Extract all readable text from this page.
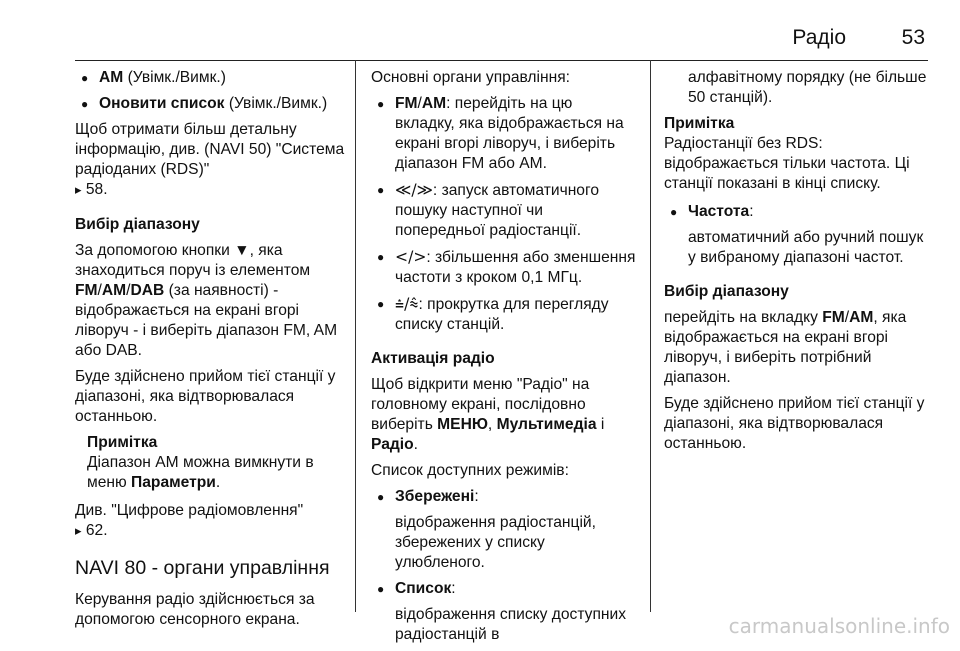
Радіо	53
● AM (Увімк./Вимк.)
● Оновити список (Увімк./Вимк.)

Щоб отримати більш детальну інформацію, див. (NAVI 50) "Система радіоданих (RDS)"
▸ 58.

Вибір діапазону

За допомогою кнопки ▼, яка знаходиться поруч із елементом FM/AM/DAB (за наявності) - відображається на екрані вгорі ліворуч - і виберіть діапазон FM, AM або DAB.

Буде здійснено прийом тієї станції у діапазоні, яка відтворювалася останньою.

Примітка
Діапазон AM можна вимкнути в меню Параметри.

Див. "Цифрове радіомовлення"
▸ 62.

NAVI 80 - органи управління

Керування радіо здійснюється за допомогою сенсорного екрана.

Основні органи управління:

● FM/AM: перейдіть на цю вкладку, яка відображається на екрані вгорі ліворуч, і виберіть діапазон FM або AM.
● ≪/≫: запуск автоматичного пошуку наступної чи попередньої радіостанції.
● </>: збільшення або зменшення частоти з кроком 0,1 МГц.
● ⩮/⩯: прокрутка для перегляду списку станцій.

Активація радіо

Щоб відкрити меню "Радіо" на головному екрані, послідовно виберіть МЕНЮ, Мультимедіа і Радіо.

Список доступних режимів:

● Збережені:

відображення радіостанцій, збережених у списку улюбленого.

● Список:

відображення списку доступних радіостанцій в

алфавітному порядку (не більше 50 станцій).

Примітка
Радіостанції без RDS: відображається тільки частота. Ці станції показані в кінці списку.
● Частота:

автоматичний або ручний пошук у вибраному діапазоні частот.

Вибір діапазону

перейдіть на вкладку FM/AM, яка відображається на екрані вгорі ліворуч, і виберіть потрібний діапазон.

Буде здійснено прийом тієї станції у діапазоні, яка відтворювалася останньою.

carmanualsonline.info
